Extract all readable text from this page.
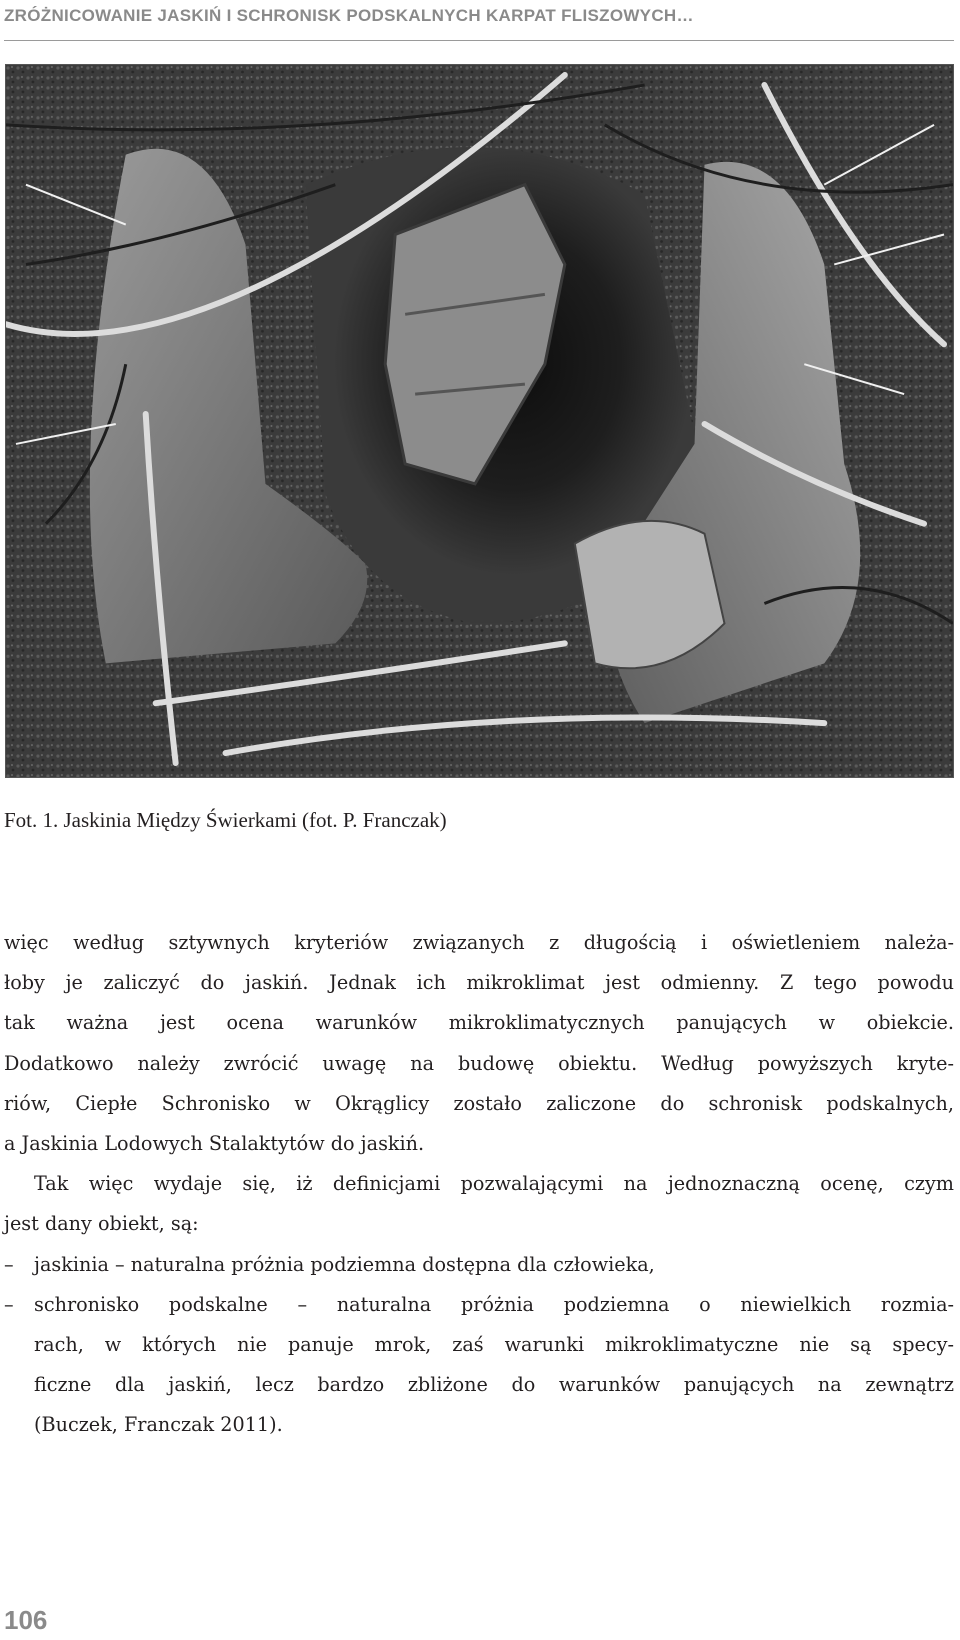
ZRÓŻNICOWANIE JASKIŃ I SCHRONISK PODSKALNYCH KARPAT FLISZOWYCH…
Fot. 1. Jaskinia Między Świerkami (fot. P. Franczak)
więc według sztywnych kryteriów związanych z długością i oświetleniem należa-
łoby je zaliczyć do jaskiń. Jednak ich mikroklimat jest odmienny. Z tego powodu
tak ważna jest ocena warunków mikroklimatycznych panujących w obiekcie.
Dodatkowo należy zwrócić uwagę na budowę obiektu. Według powyższych kryte-
riów, Ciepłe Schronisko w Okrąglicy zostało zaliczone do schronisk podskalnych,
a Jaskinia Lodowych Stalaktytów do jaskiń.
Tak więc wydaje się, iż definicjami pozwalającymi na jednoznaczną ocenę, czym
jest dany obiekt, są:
–	jaskinia – naturalna próżnia podziemna dostępna dla człowieka,
–	schronisko podskalne – naturalna próżnia podziemna o niewielkich rozmia-
rach, w których nie panuje mrok, zaś warunki mikroklimatyczne nie są specy-
ficzne dla jaskiń, lecz bardzo zbliżone do warunków panujących na zewnątrz
(Buczek, Franczak 2011).
106
